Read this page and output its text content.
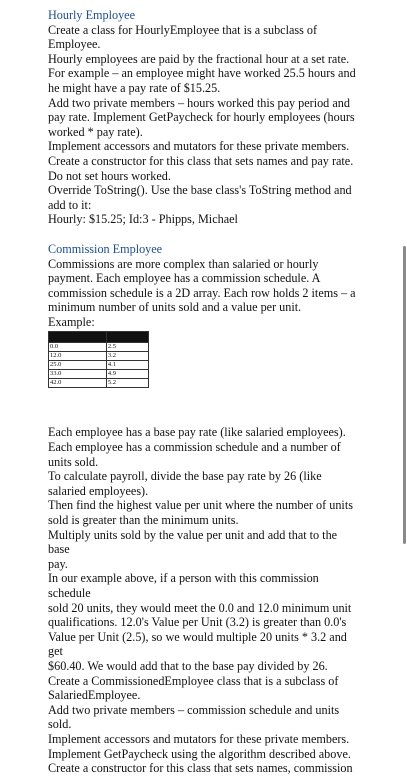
Hourly Employee

Create a class for HourlyEmployee that is a subclass of

Employee.

Hourly employees are paid by the fractional hour at a set rate.

For example – an employee might have worked 25.5 hours and

he might have a pay rate of $15.25.

Add two private members – hours worked this pay period and

pay rate. Implement GetPaycheck for hourly employees (hours

worked * pay rate).

Implement accessors and mutators for these private members.

Create a constructor for this class that sets names and pay rate.

Do not set hours worked.

Override ToString(). Use the base class's ToString method and

add to it:

Hourly: $15.25; Id:3 - Phipps, Michael

Commission Employee

Commissions are more complex than salaried or hourly

payment. Each employee has a commission schedule. A

commission schedule is a 2D array. Each row holds 2 items – a

minimum number of units sold and a value per unit.

Example:

0.0	2.5
12.0	3.2
25.0	4.1
33.0	4.9
42.0	5.2

Each employee has a base pay rate (like salaried employees).

Each employee has a commission schedule and a number of

units sold.

To calculate payroll, divide the base pay rate by 26 (like

salaried employees).

Then find the highest value per unit where the number of units

sold is greater than the minimum units.

Multiply units sold by the value per unit and add that to the base

pay.

In our example above, if a person with this commission schedule

sold 20 units, they would meet the 0.0 and 12.0 minimum unit

qualifications. 12.0's Value per Unit (3.2) is greater than 0.0's

Value per Unit (2.5), so we would multiple 20 units * 3.2 and get

$60.40. We would add that to the base pay divided by 26.

Create a CommissionedEmployee class that is a subclass of

SalariedEmployee.

Add two private members – commission schedule and units

sold.

Implement accessors and mutators for these private members.

Implement GetPaycheck using the algorithm described above.

Create a constructor for this class that sets names, commission
